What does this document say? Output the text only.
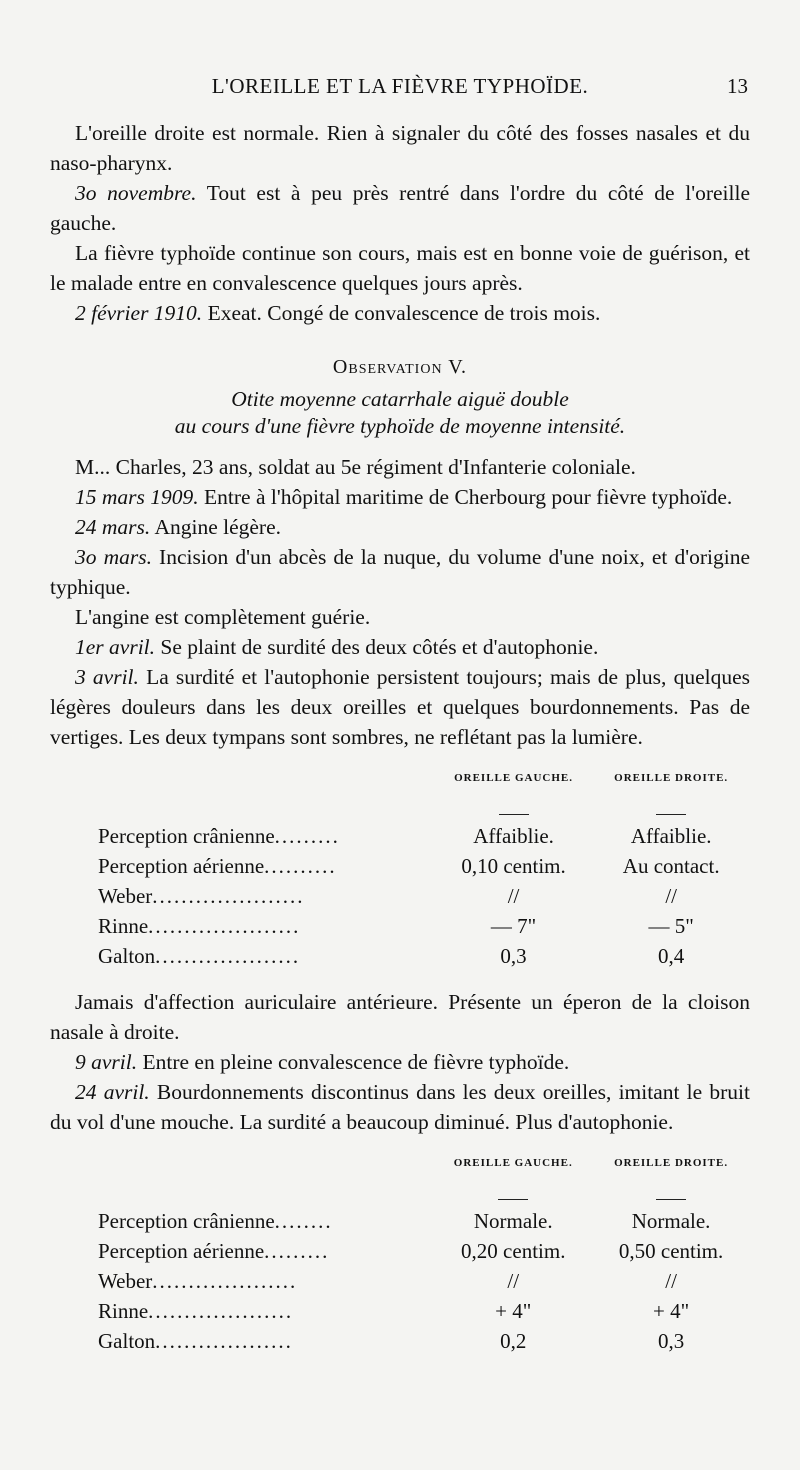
L'OREILLE ET LA FIÈVRE TYPHOÏDE.	13

L'oreille droite est normale. Rien à signaler du côté des fosses nasales et du naso-pharynx.

3o novembre. Tout est à peu près rentré dans l'ordre du côté de l'oreille gauche.

La fièvre typhoïde continue son cours, mais est en bonne voie de guérison, et le malade entre en convalescence quelques jours après.

2 février 1910. Exeat. Congé de convalescence de trois mois.

Observation V.
Otite moyenne catarrhale aiguë double
au cours d'une fièvre typhoïde de moyenne intensité.

M... Charles, 23 ans, soldat au 5e régiment d'Infanterie coloniale.

15 mars 1909. Entre à l'hôpital maritime de Cherbourg pour fièvre typhoïde.

24 mars. Angine légère.

3o mars. Incision d'un abcès de la nuque, du volume d'une noix, et d'origine typhique.

L'angine est complètement guérie.

1er avril. Se plaint de surdité des deux côtés et d'autophonie.

3 avril. La surdité et l'autophonie persistent toujours; mais de plus, quelques légères douleurs dans les deux oreilles et quelques bourdonnements. Pas de vertiges. Les deux tympans sont sombres, ne reflétant pas la lumière.

	OREILLE GAUCHE.	OREILLE DROITE.

Perception crânienne.........	Affaiblie.	Affaiblie.
Perception aérienne..........	0,10 centim.	Au contact.
Weber.....................	//	//
Rinne.....................	— 7"	— 5"
Galton....................	0,3	0,4

Jamais d'affection auriculaire antérieure. Présente un éperon de la cloison nasale à droite.

9 avril. Entre en pleine convalescence de fièvre typhoïde.

24 avril. Bourdonnements discontinus dans les deux oreilles, imitant le bruit du vol d'une mouche. La surdité a beaucoup diminué. Plus d'autophonie.

	OREILLE GAUCHE.	OREILLE DROITE.

Perception crânienne........	Normale.	Normale.
Perception aérienne.........	0,20 centim.	0,50 centim.
Weber....................	//	//
Rinne....................	+ 4"	+ 4"
Galton...................	0,2	0,3
